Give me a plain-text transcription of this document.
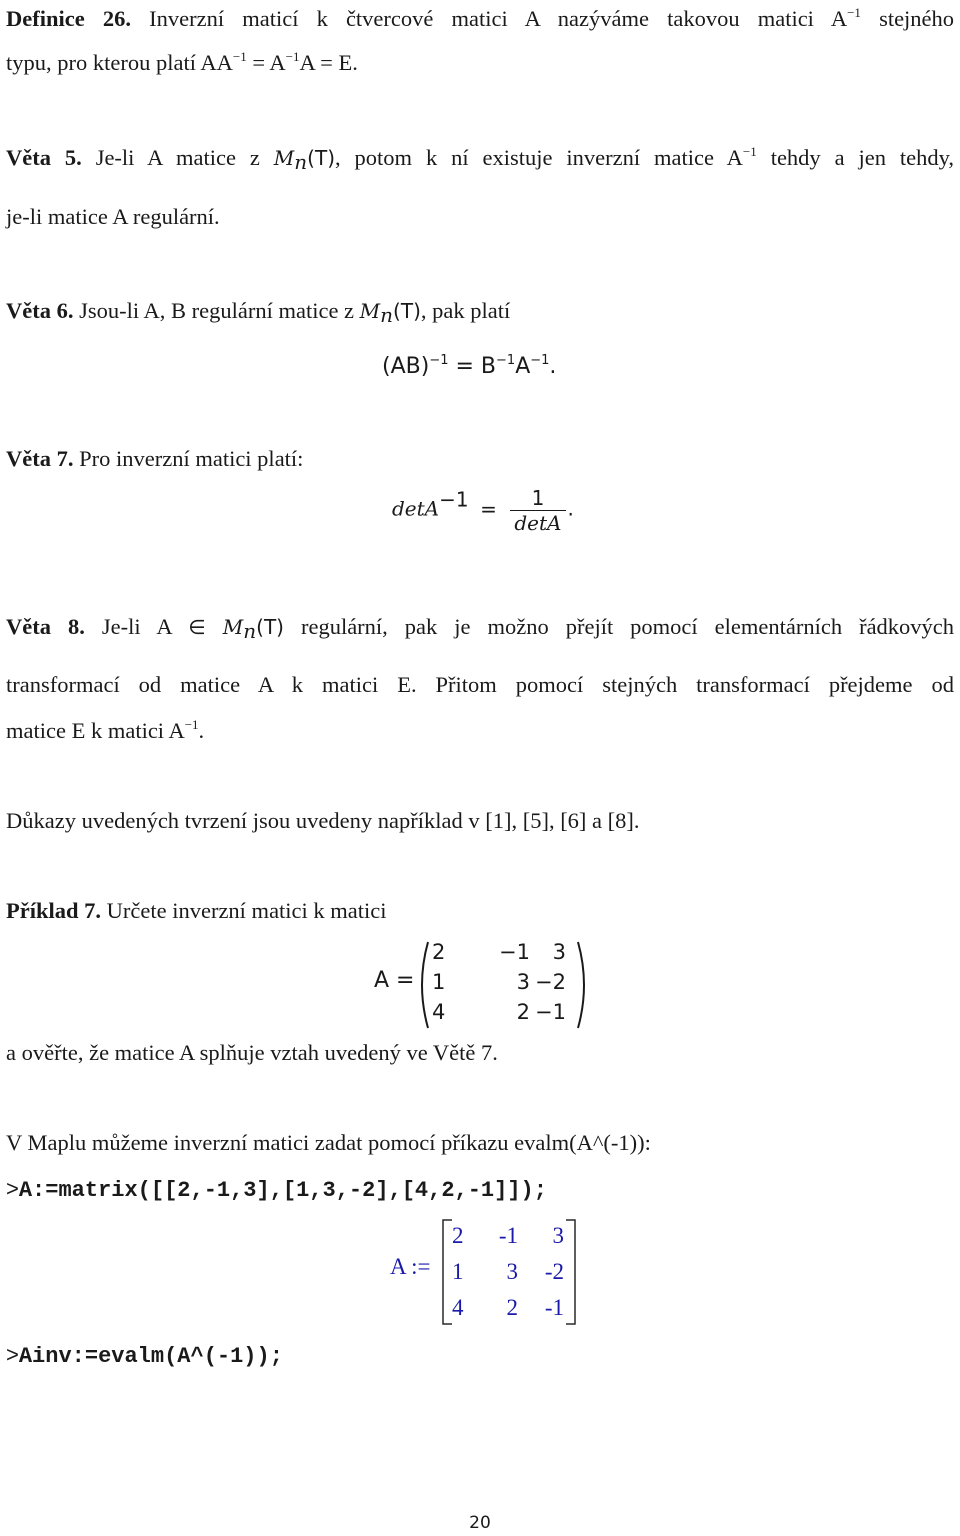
Definice 26. Inverzní maticí k čtvercové matici A nazýváme takovou matici $A^{-1}$ stejného
typu, pro kterou platí $AA^{-1} = A^{-1}A = E$.
Věta 5. Je-li A matice z $M_n(T)$, potom k ní existuje inverzní matice $A^{-1}$ tehdy a jen tehdy,
je-li matice A regulární.
Věta 6. Jsou-li A, B regulární matice z $M_n(T)$, pak platí
$(AB)^{-1} = B^{-1}A^{-1}$.
Věta 7. Pro inverzní matici platí:
$\det A^{-1} = \frac{1}{\det A}$ .
Věta 8. Je-li A ∈ $M_n(T)$ regulární, pak je možno přejít pomocí elementárních řádkových
transformací od matice A k matici E. Přitom pomocí stejných transformací přejdeme od
matice E k matici $A^{-1}$.
Důkazy uvedených tvrzení jsou uvedeny například v [1], [5], [6] a [8].
Příklad 7. Určete inverzní matici k matici
A =
2	−1	3
1	3 −2
4	2 −1
a ověřte, že matice A splňuje vztah uvedený ve Větě 7.
V Maplu můžeme inverzní matici zadat pomocí příkazu evalm(A^(-1)):
>A:=matrix([[2,-1,3],[1,3,-2],[4,2,-1]]);
A :=
2	-1	3
1	3	-2
4	2	-1
>Ainv:=evalm(A^(-1));
20
